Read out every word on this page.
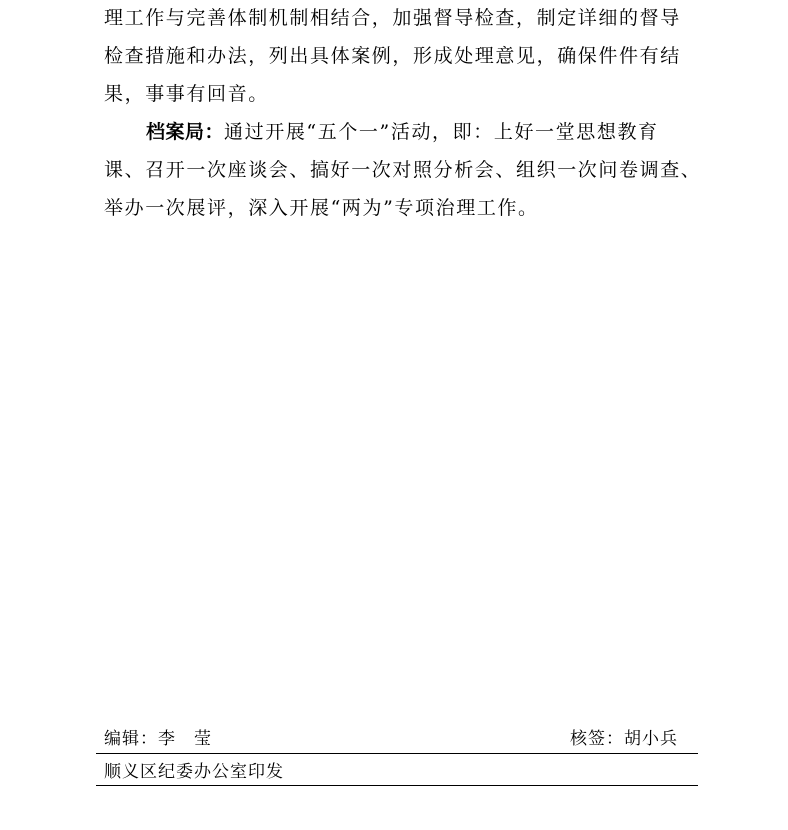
理工作与完善体制机制相结合，加强督导检查，制定详细的督导
检查措施和办法，列出具体案例，形成处理意见，确保件件有结
果，事事有回音。
档案局：通过开展“五个一”活动，即：上好一堂思想教育
课、召开一次座谈会、搞好一次对照分析会、组织一次问卷调查、
举办一次展评，深入开展“两为”专项治理工作。
编辑：李　莹	核签：胡小兵
顺义区纪委办公室印发
